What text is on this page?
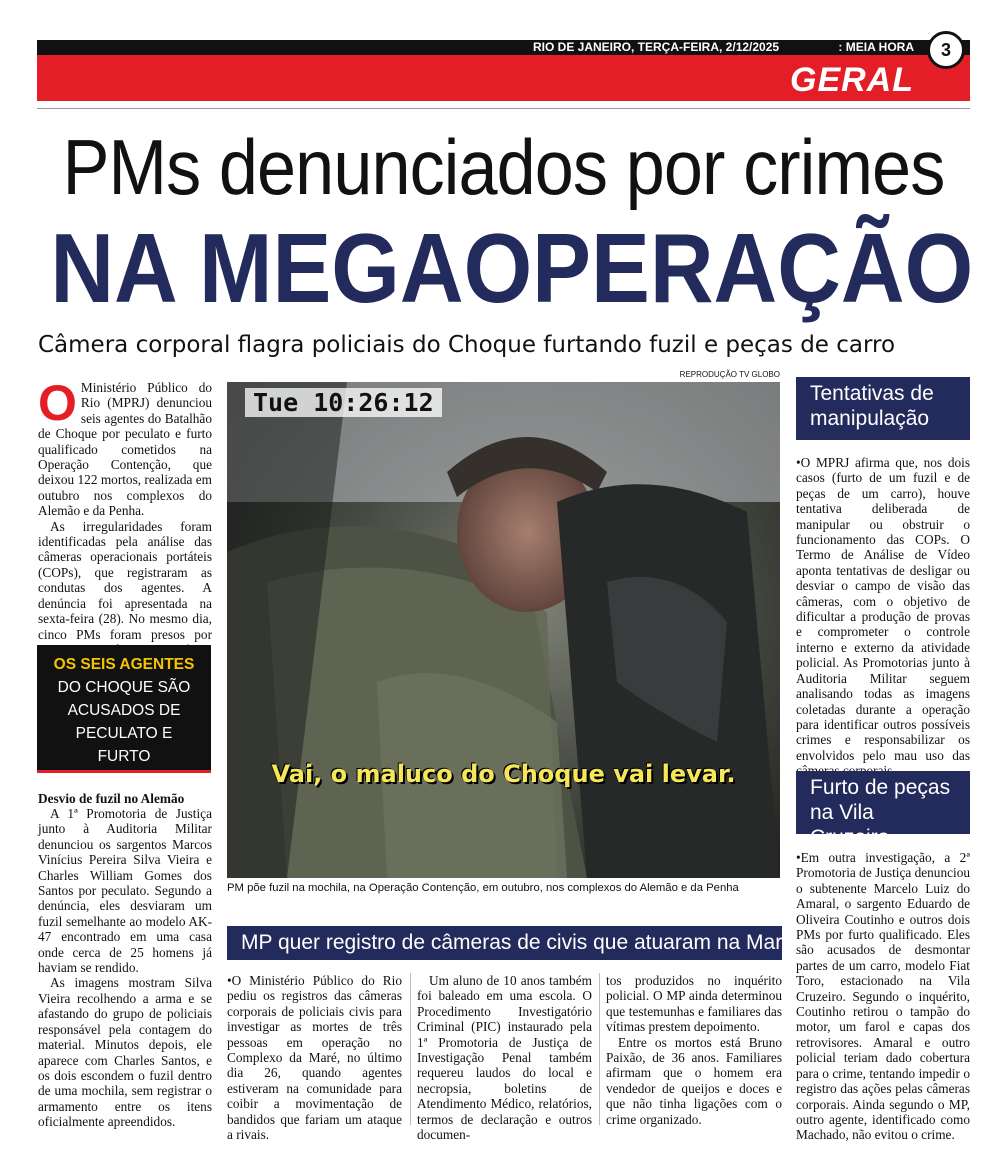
RIO DE JANEIRO, TERÇA-FEIRA, 2/12/2025	: MEIA HORA
GERAL
3
PMs denunciados por crimes
NA MEGAOPERAÇÃO
Câmera corporal flagra policiais do Choque furtando fuzil e peças de carro
O Ministério Público do Rio (MPRJ) denunciou seis agentes do Batalhão de Choque por peculato e furto qualificado cometidos na Operação Contenção, que deixou 122 mortos, realizada em outubro nos complexos do Alemão e da Penha.

As irregularidades foram identificadas pela análise das câmeras operacionais portáteis (COPs), que registraram as condutas dos agentes. A denúncia foi apresentada na sexta-feira (28). No mesmo dia, cinco PMs foram presos por

OS SEIS AGENTES
DO CHOQUE SÃO ACUSADOS DE PECULATO E FURTO QUALIFICADO
Desvio de fuzil no Alemão

A 1ª Promotoria de Justiça junto à Auditoria Militar denunciou os sargentos Marcos Vinícius Pereira Silva Vieira e Charles William Gomes dos Santos por peculato. Segundo a denúncia, eles desviaram um fuzil semelhante ao modelo AK-47 encontrado em uma casa onde cerca de 25 homens já haviam se rendido.

As imagens mostram Silva Vieira recolhendo a arma e se afastando do grupo de policiais responsável pela contagem do material. Minutos depois, ele aparece com Charles Santos, e os dois escondem o fuzil dentro de uma mochila, sem registrar o armamento entre os itens oficialmente apreendidos.

REPRODUÇÃO TV GLOBO
Tue 10:26:12
Vai, o maluco do Choque vai levar.
PM põe fuzil na mochila, na Operação Contenção, em outubro, nos complexos do Alemão e da Penha
Tentativas de manipulação

•O MPRJ afirma que, nos dois casos (furto de um fuzil e de peças de um carro), houve tentativa deliberada de manipular ou obstruir o funcionamento das COPs. O Termo de Análise de Vídeo aponta tentativas de desligar ou desviar o campo de visão das câmeras, com o objetivo de dificultar a produção de provas e comprometer o controle interno e externo da atividade policial. As Promotorias junto à Auditoria Militar seguem analisando todas as imagens coletadas durante a operação para identificar outros possíveis crimes e responsabilizar os envolvidos pelo mau uso das

Furto de peças na Vila Cruzeiro

•Em outra investigação, a 2ª Promotoria de Justiça denunciou o subtenente Marcelo Luiz do Amaral, o sargento Eduardo de Oliveira Coutinho e outros dois PMs por furto qualificado. Eles são acusados de desmontar partes de um carro, modelo Fiat Toro, estacionado na Vila Cruzeiro. Segundo o inquérito, Coutinho retirou o tampão do motor, um farol e capas dos retrovisores. Amaral e outro policial teriam dado cobertura para o crime, tentando impedir o registro das ações pelas câmeras corporais. Ainda segundo o MP, outro agente, identificado como Machado, não evitou o crime.

MP quer registro de câmeras de civis que atuaram na Maré

•O Ministério Público do Rio pediu os registros das câmeras corporais de policiais civis para investigar as mortes de três pessoas em operação no Complexo da Maré, no último dia 26, quando agentes estiveram na comunidade para coibir a movimentação de bandidos que fariam um ataque a rivais.

Um aluno de 10 anos também foi baleado em uma escola. O Procedimento Investigatório Criminal (PIC) instaurado pela 1ª Promotoria de Justiça de Investigação Penal também requereu laudos do local e necropsia, boletins de Atendimento Médico, relatórios, termos de declaração e outros documen-

tos produzidos no inquérito policial. O MP ainda determinou que testemunhas e familiares das vítimas prestem depoimento.

Entre os mortos está Bruno Paixão, de 36 anos. Familiares afirmam que o homem era vendedor de queijos e doces e que não tinha ligações com o crime organizado.
